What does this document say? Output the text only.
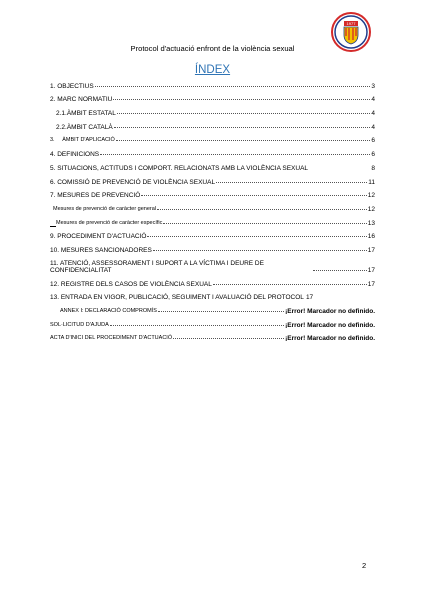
1977
Protocol d'actuació enfront de la violència sexual
ÍNDEX
1. OBJECTIUS	3
2. MARC NORMATIU	4
2.1.ÀMBIT ESTATAL	4
2.2.ÀMBIT CATALÀ	4
3.     ÀMBIT D'APLICACIÓ	6
4. DEFINICIONS	6
5. SITUACIONS, ACTITUDS I COMPORT. RELACIONATS AMB LA VIOLÈNCIA SEXUAL	8
6. COMISSIÓ DE PREVENCIÓ DE VIOLÈNCIA SEXUAL	11
7. MESURES DE PREVENCIÓ	12
Mesures de prevenció de caràcter general	12
Mesures de prevenció de caràcter específic	13
9. PROCEDIMENT D'ACTUACIÓ	16
10. MESURES SANCIONADORES	17
11. ATENCIÓ, ASSESSORAMENT I SUPORT A LA VÍCTIMA I DEURE DE CONFIDENCIALITAT	17
12. REGISTRE DELS CASOS DE VIOLÈNCIA SEXUAL	17
13. ENTRADA EN VIGOR, PUBLICACIÓ, SEGUIMENT I AVALUACIÓ DEL PROTOCOL 17
ANNEX I: DECLARACIÓ COMPROMÍS	¡Error! Marcador no definido.
SOL·LICITUD D'AJUDA	¡Error! Marcador no definido.
ACTA D'INICI DEL PROCEDIMENT D'ACTUACIÓ	¡Error! Marcador no definido.
2
